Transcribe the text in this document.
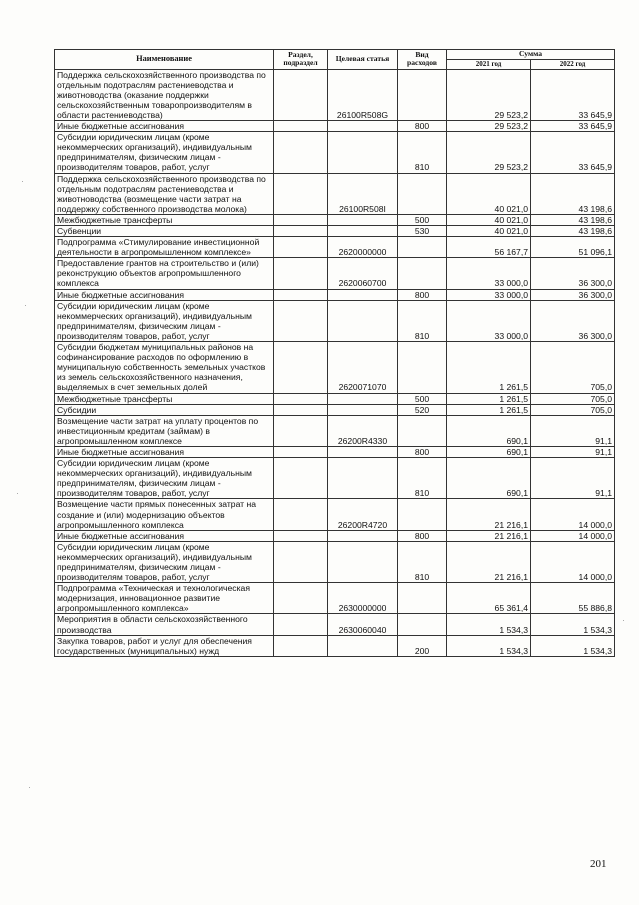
Наименование	Раздел, подраздел	Целевая статья	Вид расходов	Сумма	
				2021 год	2022 год
Поддержка сельскохозяйственного производства по отдельным подотраслям растениеводства и животноводства (оказание поддержки сельскохозяйственным товаропроизводителям в области растениеводства)		26100R508G		29 523,2	33 645,9
Иные бюджетные ассигнования			800	29 523,2	33 645,9
Субсидии юридическим лицам (кроме некоммерческих организаций), индивидуальным предпринимателям, физическим лицам - производителям товаров, работ, услуг			810	29 523,2	33 645,9
Поддержка сельскохозяйственного производства по отдельным подотраслям растениеводства и животноводства (возмещение части затрат на поддержку собственного производства молока)		26100R508I		40 021,0	43 198,6
Межбюджетные трансферты			500	40 021,0	43 198,6
Субвенции			530	40 021,0	43 198,6
Подпрограмма «Стимулирование инвестиционной деятельности в агропромышленном комплексе»		2620000000		56 167,7	51 096,1
Предоставление грантов на строительство и (или) реконструкцию объектов агропромышленного комплекса		2620060700		33 000,0	36 300,0
Иные бюджетные ассигнования			800	33 000,0	36 300,0
Субсидии юридическим лицам (кроме некоммерческих организаций), индивидуальным предпринимателям, физическим лицам - производителям товаров, работ, услуг			810	33 000,0	36 300,0
Субсидии бюджетам муниципальных районов на софинансирование расходов по оформлению в муниципальную собственность земельных участков из земель сельскохозяйственного назначения, выделяемых в счет земельных долей		2620071070		1 261,5	705,0
Межбюджетные трансферты			500	1 261,5	705,0
Субсидии			520	1 261,5	705,0
Возмещение части затрат на уплату процентов по инвестиционным кредитам (займам) в агропромышленном комплексе		26200R4330		690,1	91,1
Иные бюджетные ассигнования			800	690,1	91,1
Субсидии юридическим лицам (кроме некоммерческих организаций), индивидуальным предпринимателям, физическим лицам - производителям товаров, работ, услуг			810	690,1	91,1
Возмещение части прямых понесенных затрат на создание и (или) модернизацию объектов агропромышленного комплекса		26200R4720		21 216,1	14 000,0
Иные бюджетные ассигнования			800	21 216,1	14 000,0
Субсидии юридическим лицам (кроме некоммерческих организаций), индивидуальным предпринимателям, физическим лицам - производителям товаров, работ, услуг			810	21 216,1	14 000,0
Подпрограмма «Техническая и технологическая модернизация, инновационное развитие агропромышленного комплекса»		2630000000		65 361,4	55 886,8
Мероприятия в области сельскохозяйственного производства		2630060040		1 534,3	1 534,3
Закупка товаров, работ и услуг для обеспечения государственных (муниципальных) нужд			200	1 534,3	1 534,3
201
